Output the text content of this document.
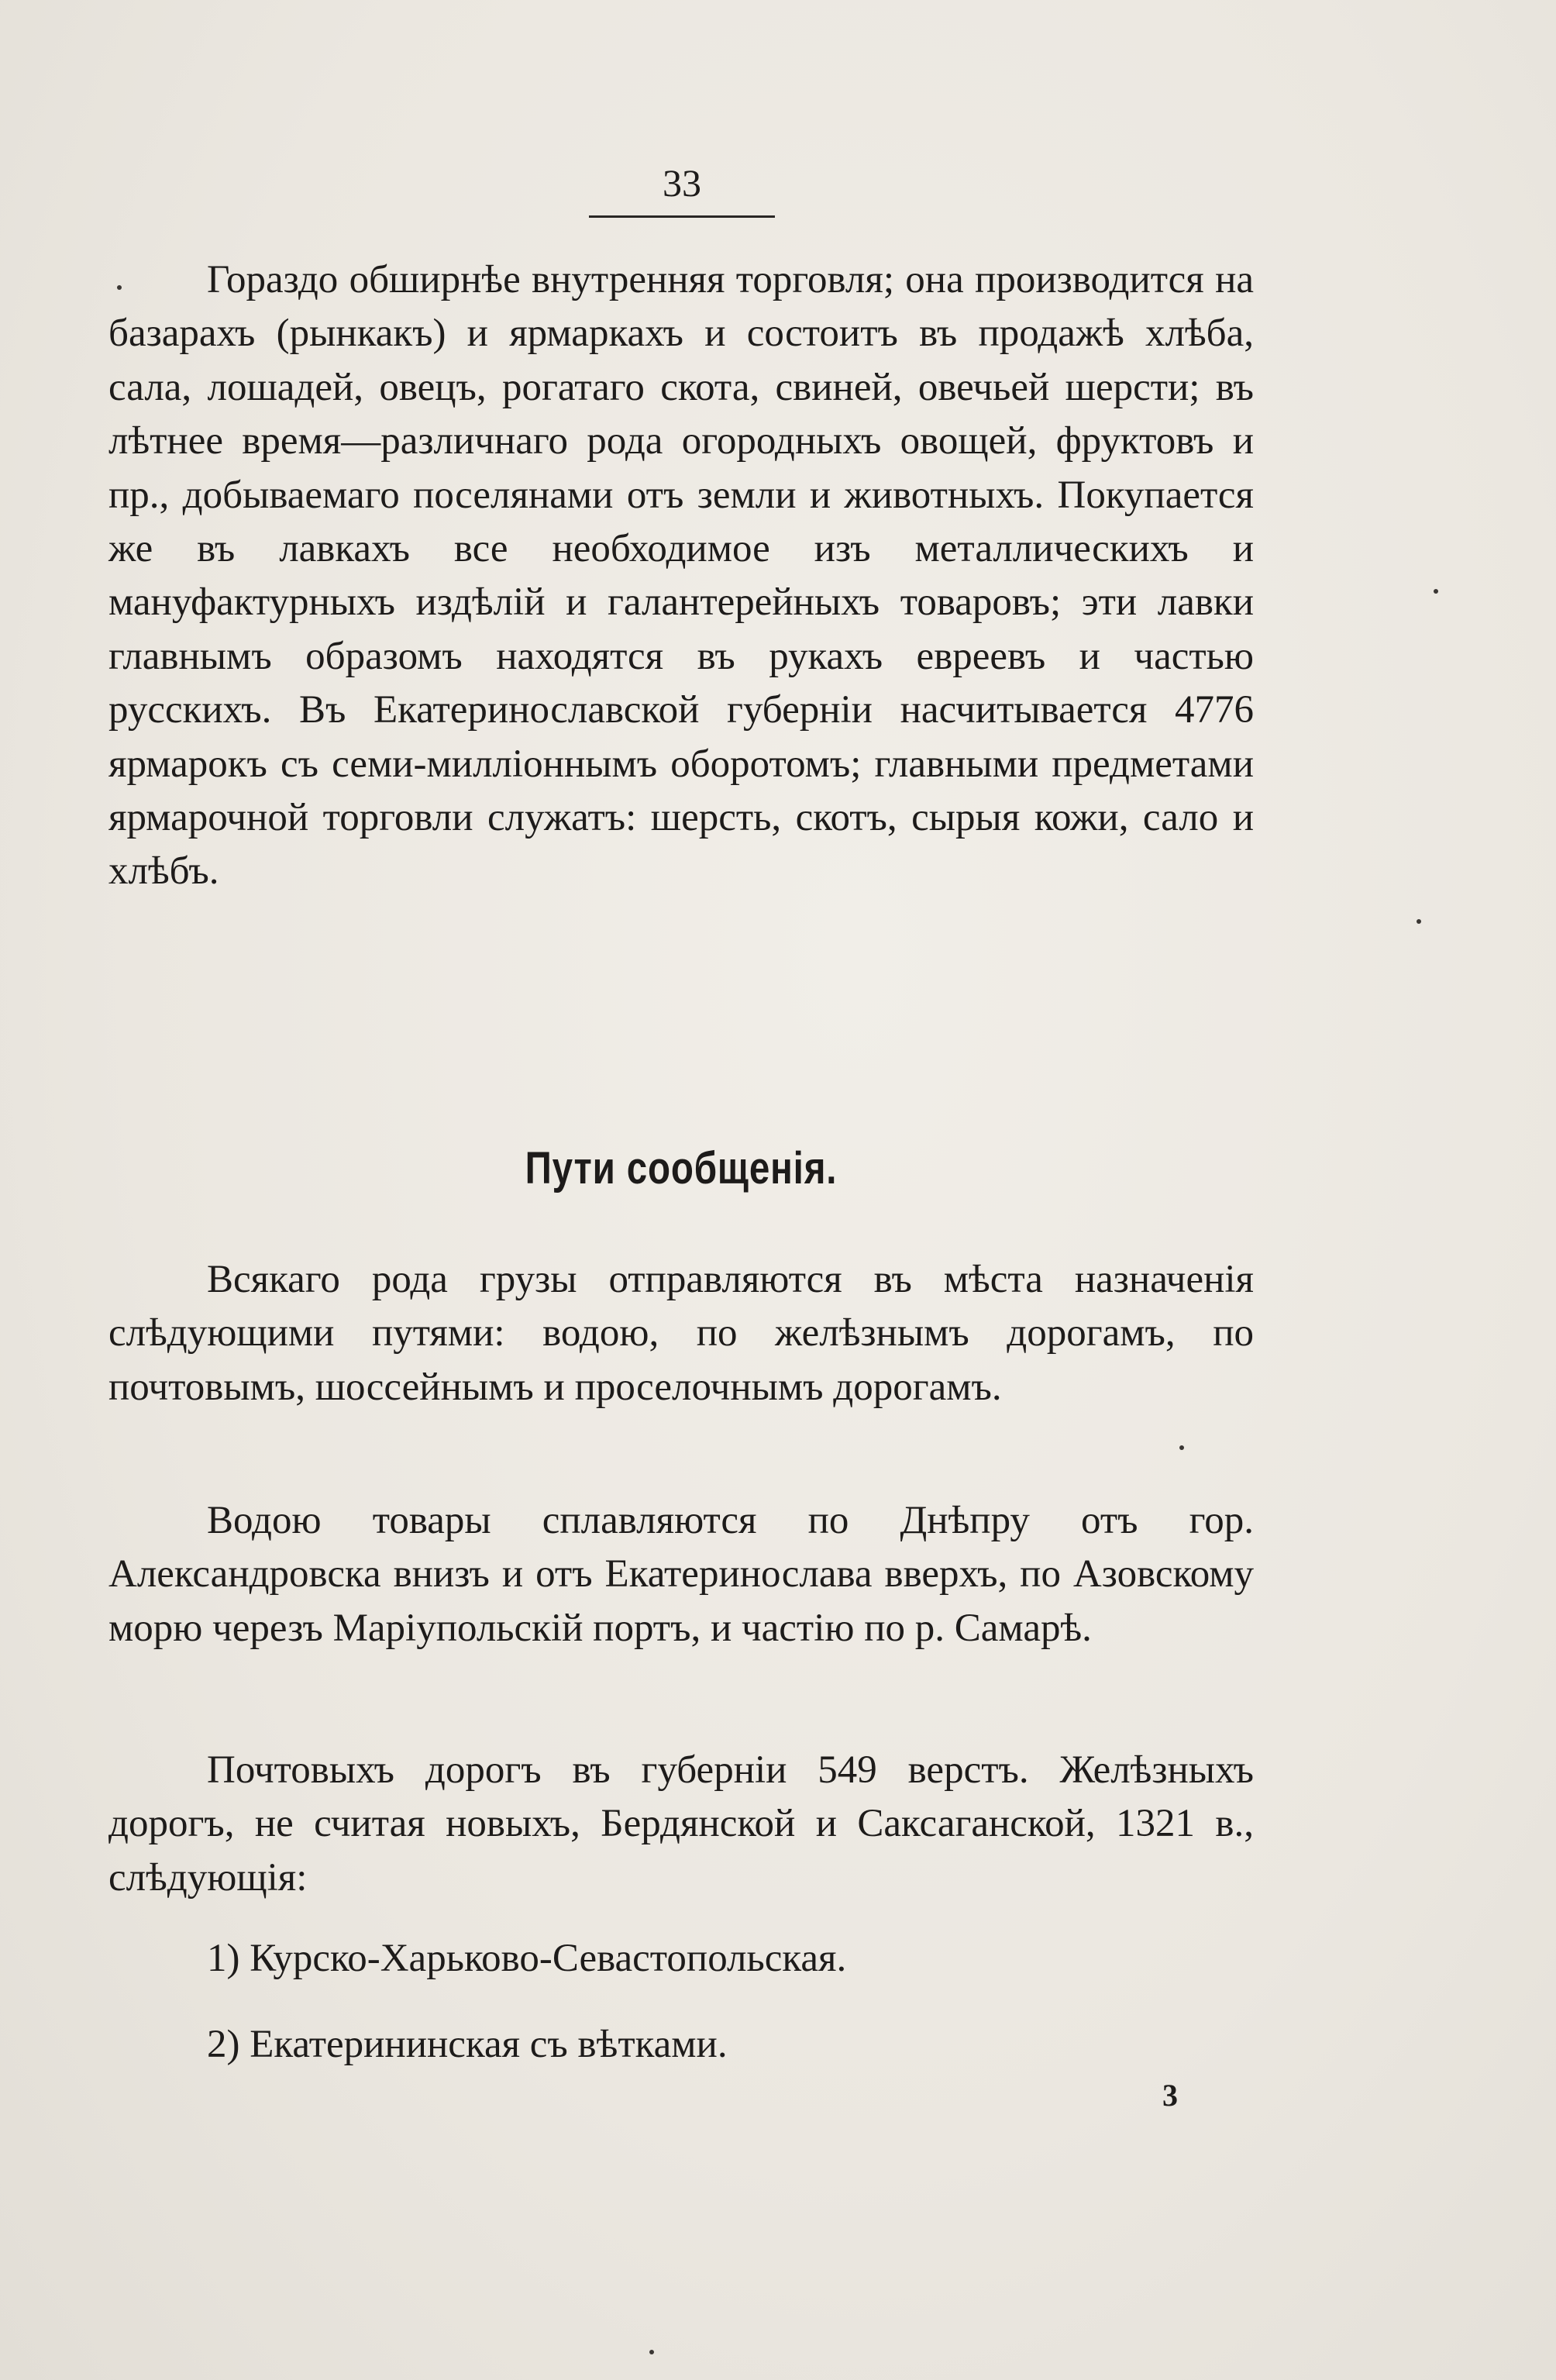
33

Гораздо обширнѣе внутренняя торговля; она производится на базарахъ (рынкакъ) и ярмаркахъ и состоитъ въ продажѣ хлѣба, сала, лошадей, овецъ, рогатаго скота, свиней, овечьей шерсти; въ лѣтнее время—различнаго рода огородныхъ овощей, фруктовъ и пр., добываемаго поселянами отъ земли и животныхъ. Покупается же въ лавкахъ все необходимое изъ металлическихъ и мануфактурныхъ издѣлій и галантерейныхъ товаровъ; эти лавки главнымъ образомъ находятся въ рукахъ евреевъ и частью русскихъ. Въ Екатеринославской губерніи насчитывается 4776 ярмарокъ съ семи-милліоннымъ оборотомъ; главными предметами ярмарочной торговли служатъ: шерсть, скотъ, сырыя кожи, сало и хлѣбъ.

Пути сообщенія.

Всякаго рода грузы отправляются въ мѣста назначенія слѣдующими путями: водою, по желѣзнымъ дорогамъ, по почтовымъ, шоссейнымъ и проселочнымъ дорогамъ.

Водою товары сплавляются по Днѣпру отъ гор. Александровска внизъ и отъ Екатеринослава вверхъ, по Азовскому морю черезъ Маріупольскій портъ, и частію по р. Самарѣ.

Почтовыхъ дорогъ въ губерніи 549 верстъ. Желѣзныхъ дорогъ, не считая новыхъ, Бердянской и Саксаганской, 1321 в., слѣдующія:

1) Курско-Харьково-Севастопольская.
2) Екатерининская съ вѣтками.
3
